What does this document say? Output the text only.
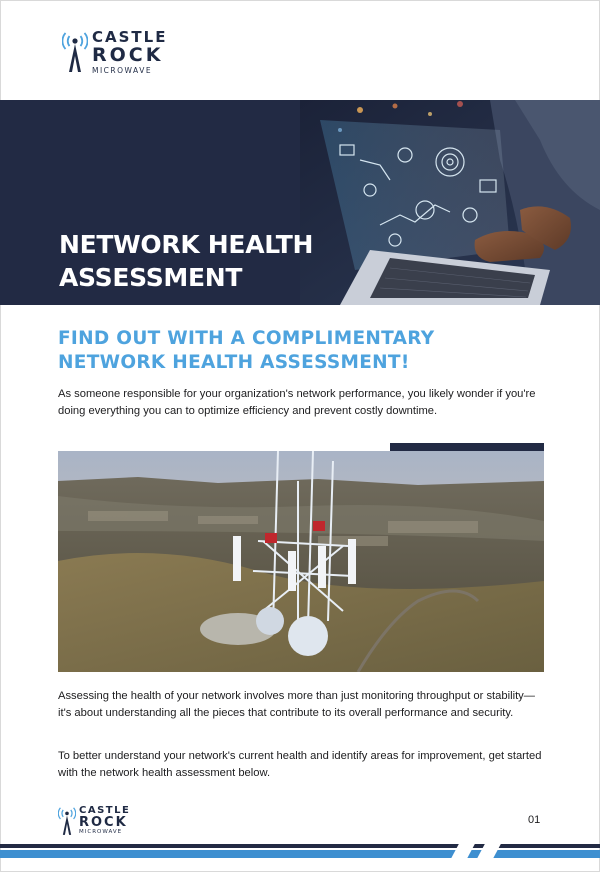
CASTLE
ROCK
MICROWAVE
NETWORK HEALTH ASSESSMENT
FIND OUT WITH A COMPLIMENTARY NETWORK HEALTH ASSESSMENT!

As someone responsible for your organization's network performance, you likely wonder if you're doing everything you can to optimize efficiency and prevent costly downtime.

Assessing the health of your network involves more than just monitoring throughput or stability—it's about understanding all the pieces that contribute to its overall performance and security.

To better understand your network's current health and identify areas for improvement, get started with the network health assessment below.

CASTLE
ROCK
MICROWAVE
01
